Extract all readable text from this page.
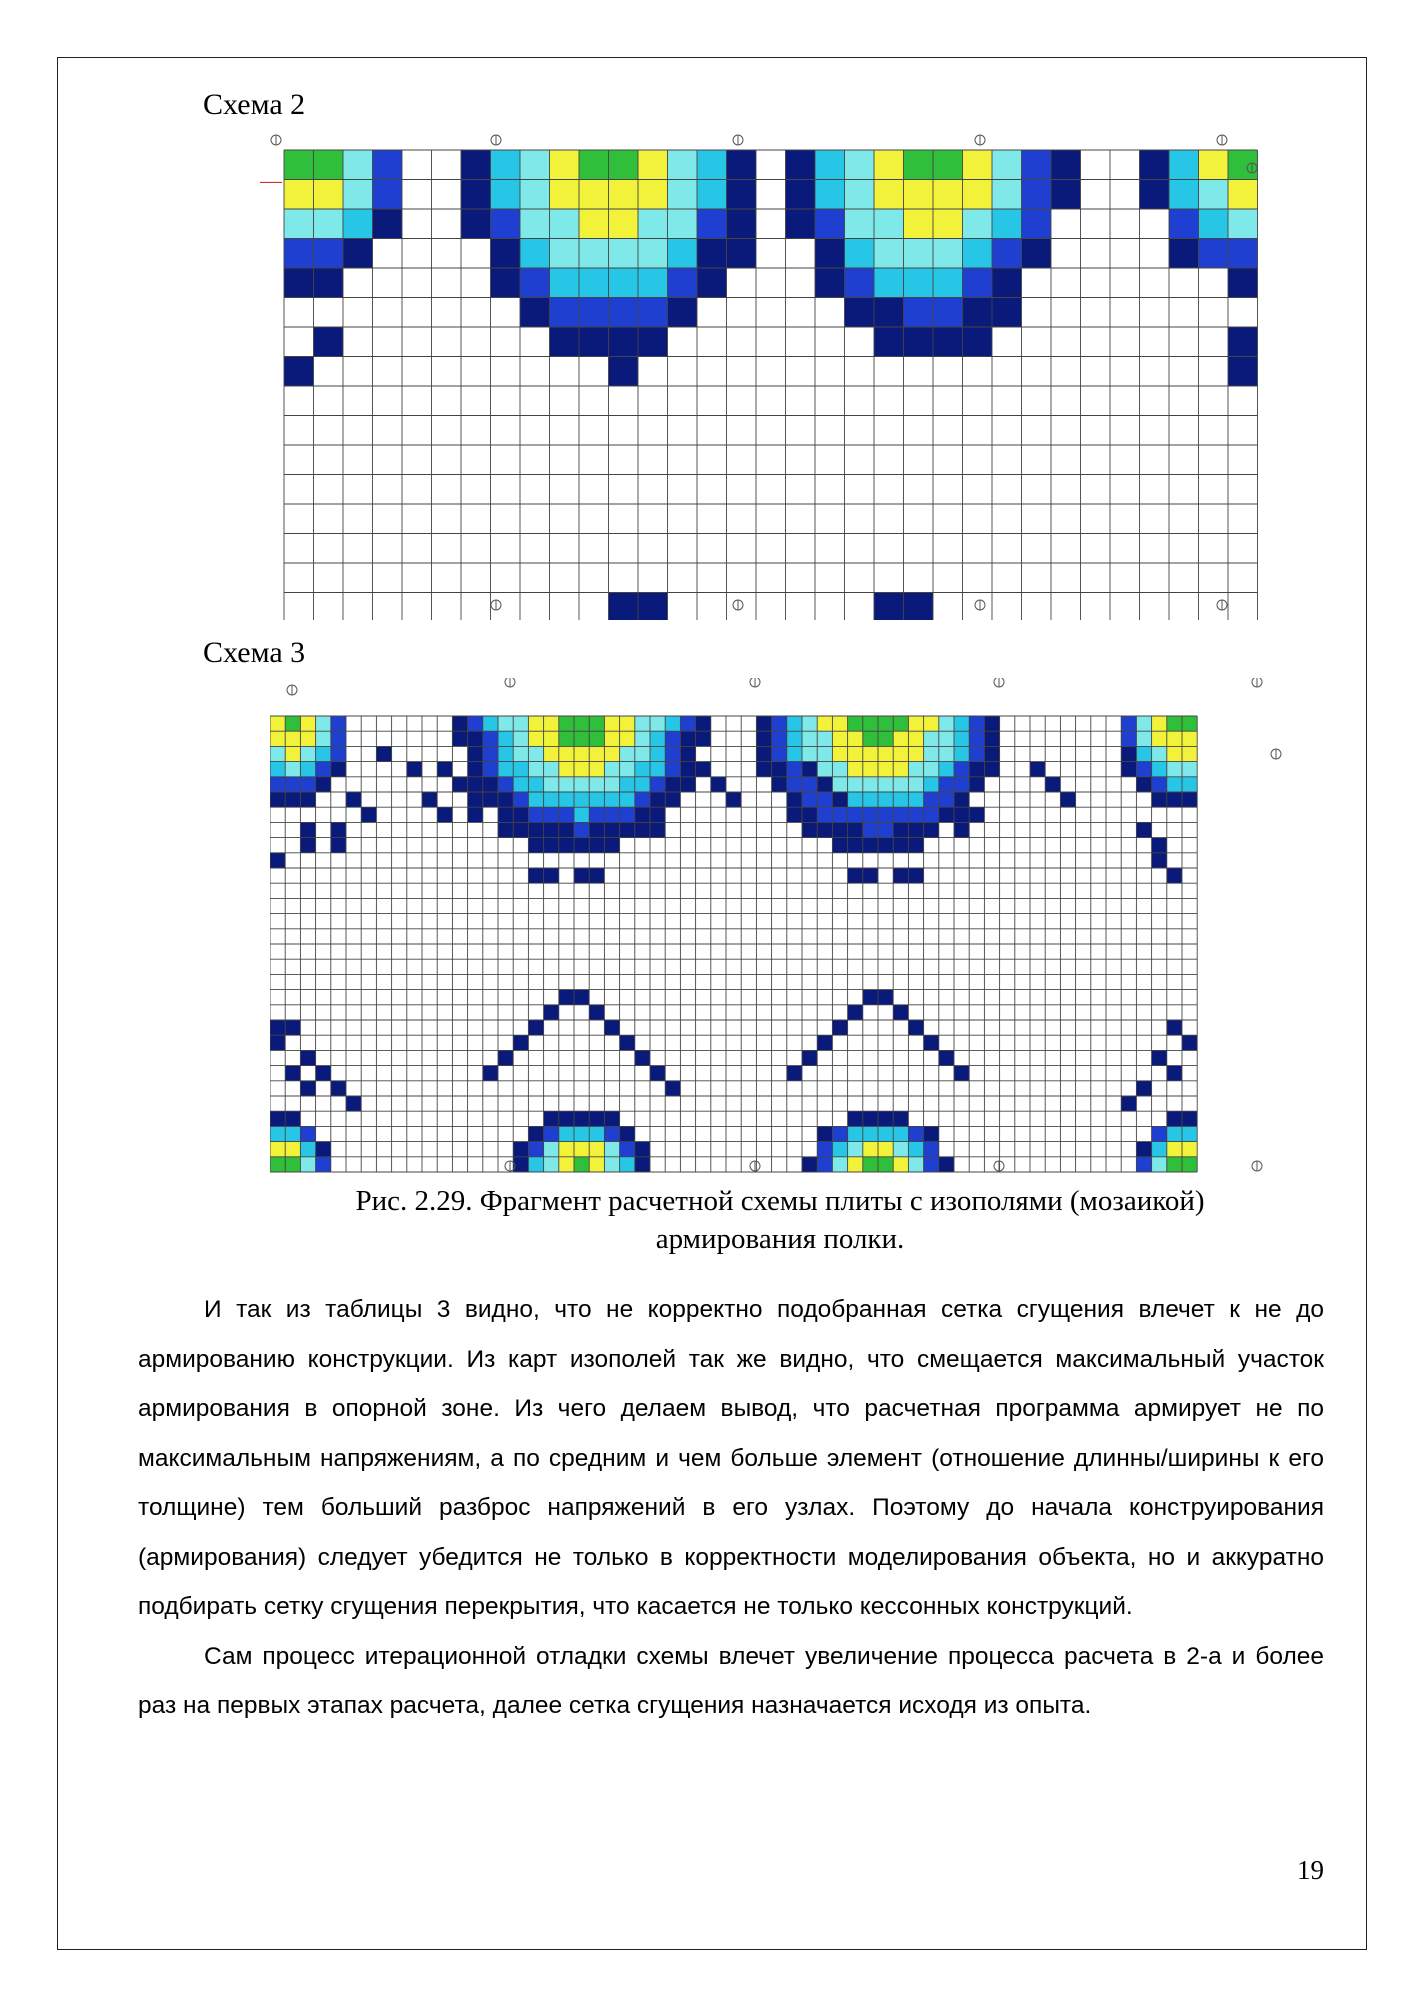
Схема 2
Схема 3
Рис. 2.29. Фрагмент расчетной схемы плиты с изополями (мозаикой)
армирования полки.

И так из таблицы 3 видно, что не корректно подобранная сетка сгущения влечет к не до армированию конструкции. Из карт изополей так же видно, что смещается максимальный участок армирования в опорной зоне. Из чего делаем вывод, что расчетная программа армирует не по максимальным напряжениям, а по средним и чем больше элемент (отношение длинны/ширины к его толщине) тем больший разброс напряжений в его узлах. Поэтому до начала конструирования (армирования) следует убедится не только в корректности моделирования объекта, но и аккуратно подбирать сетку сгущения перекрытия, что касается не только кессонных конструкций.

Сам процесс итерационной отладки схемы влечет увеличение процесса расчета в 2-а и более раз на первых этапах расчета, далее сетка сгущения назначается исходя из опыта.

19
